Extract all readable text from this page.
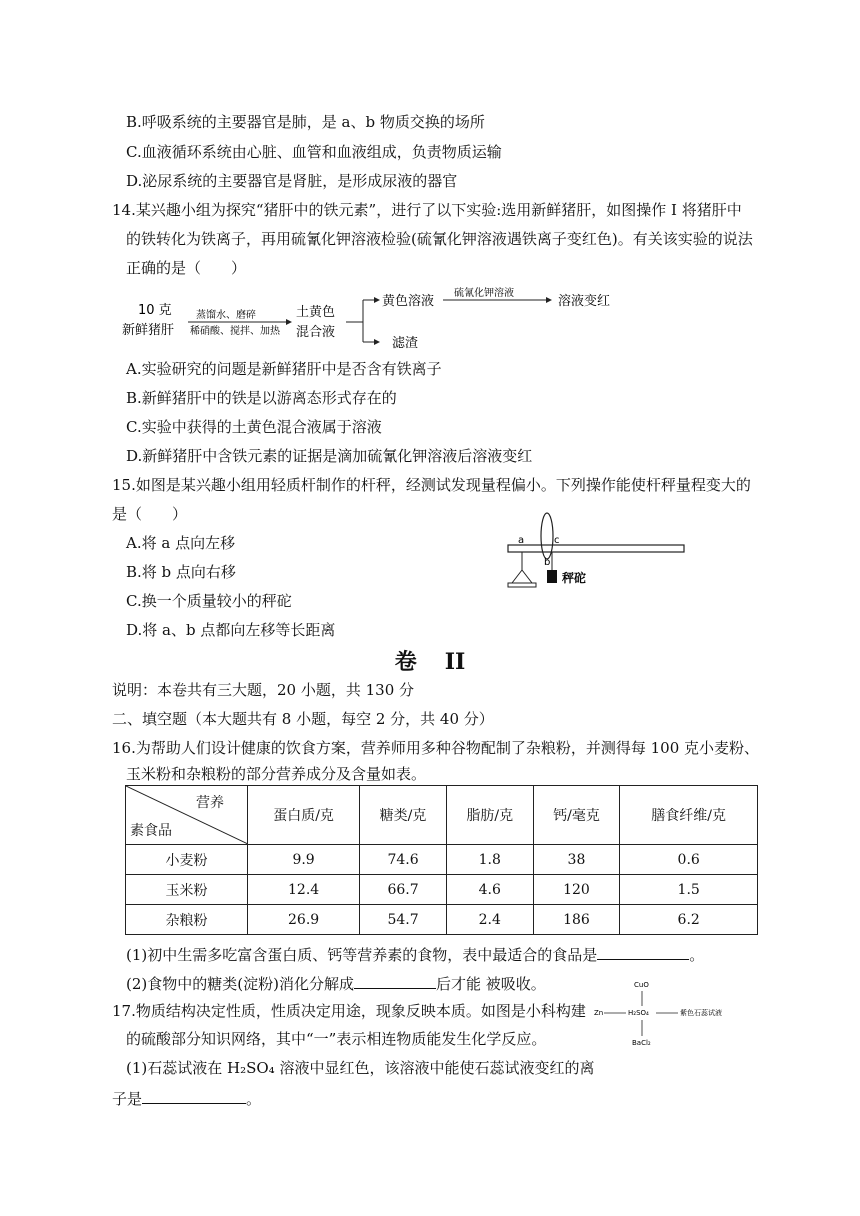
B.呼吸系统的主要器官是肺，是 a、b 物质交换的场所
C.血液循环系统由心脏、血管和血液组成，负责物质运输
D.泌尿系统的主要器官是肾脏，是形成尿液的器官
14.某兴趣小组为探究“猪肝中的铁元素”，进行了以下实验:选用新鲜猪肝，如图操作 I 将猪肝中
的铁转化为铁离子，再用硫氰化钾溶液检验(硫氰化钾溶液遇铁离子变红色)。有关该实验的说法
正确的是（　　）
10 克
新鲜猪肝
蒸馏水、磨碎
稀硝酸、搅拌、加热
土黄色
混合液
黄色溶液
硫氰化钾溶液
溶液变红
滤渣
A.实验研究的问题是新鲜猪肝中是否含有铁离子
B.新鲜猪肝中的铁是以游离态形式存在的
C.实验中获得的土黄色混合液属于溶液
D.新鲜猪肝中含铁元素的证据是滴加硫氰化钾溶液后溶液变红
15.如图是某兴趣小组用轻质杆制作的杆秤，经测试发现量程偏小。下列操作能使杆秤量程变大的
是（　　）
A.将 a 点向左移
B.将 b 点向右移
C.换一个质量较小的秤砣
D.将 a、b 点都向左移等长距离
a
b
c
秤砣
卷 II
说明：本卷共有三大题，20 小题，共 130 分
二、填空题（本大题共有 8 小题，每空 2 分，共 40 分）
16.为帮助人们设计健康的饮食方案，营养师用多种谷物配制了杂粮粉，并测得每 100 克小麦粉、
玉米粉和杂粮粉的部分营养成分及含量如表。
营养
素食品	蛋白质/克	糖类/克	脂肪/克	钙/毫克	膳食纤维/克
小麦粉	9.9	74.6	1.8	38	0.6
玉米粉	12.4	66.7	4.6	120	1.5
杂粮粉	26.9	54.7	2.4	186	6.2
(1)初中生需多吃富含蛋白质、钙等营养素的食物，表中最适合的食品是	。
(2)食物中的糖类(淀粉)消化分解成	后才能 被吸收。
17.物质结构决定性质，性质决定用途，现象反映本质。如图是小科构建
的硫酸部分知识网络，其中“一”表示相连物质能发生化学反应。
(1)石蕊试液在 H₂SO₄ 溶液中显红色，该溶液中能使石蕊试液变红的离
子是	。
CuO
Zn	H₂SO₄	紫色石蕊试液
BaCl₂
